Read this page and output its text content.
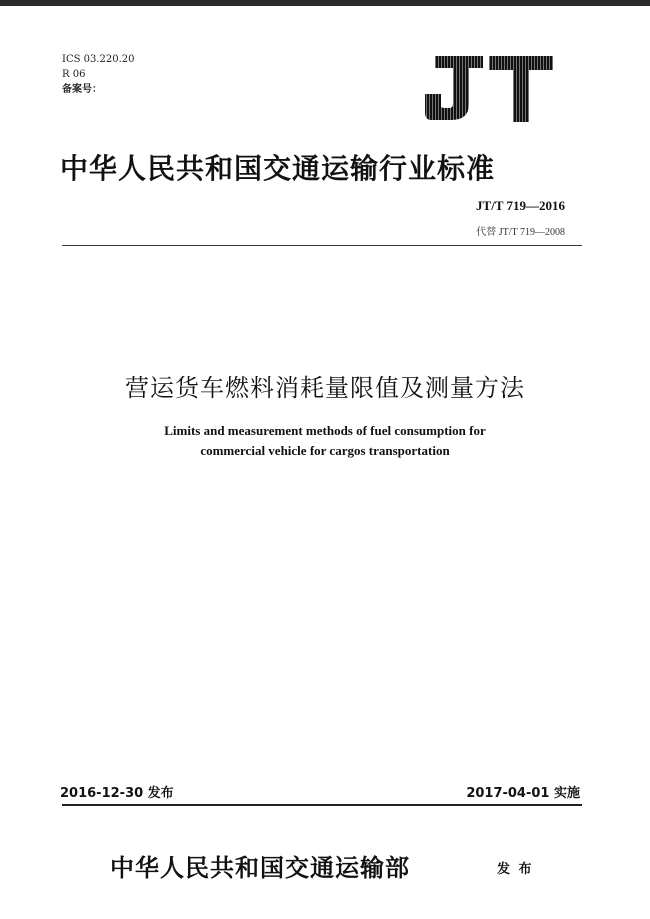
ICS 03.220.20
R 06
备案号：
中华人民共和国交通运输行业标准
JT/T 719—2016
代替 JT/T 719—2008
营运货车燃料消耗量限值及测量方法
Limits and measurement methods of fuel consumption for
commercial vehicle for cargos transportation
2016-12-30 发布	2017-04-01 实施
中华人民共和国交通运输部	发 布
